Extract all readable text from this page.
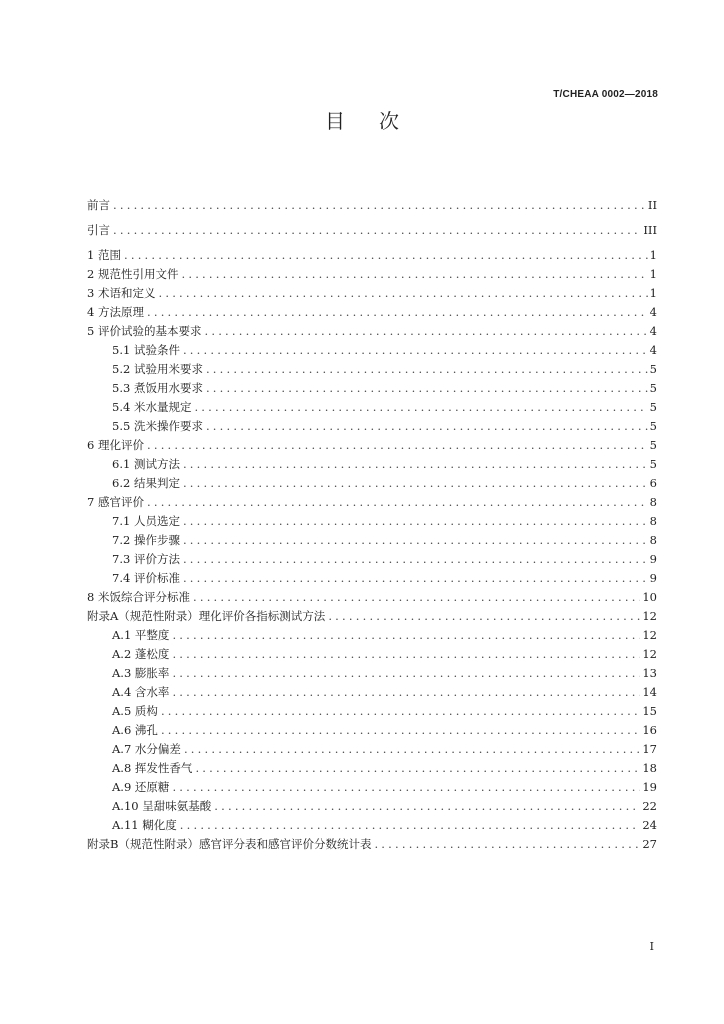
T/CHEAA 0002—2018
目次
前言 .....	II
引言 .....	III
1 范围 .....	1
2 规范性引用文件 .....	1
3 术语和定义 .....	1
4 方法原理 .....	4
5 评价试验的基本要求 .....	4
5.1 试验条件 .....	4
5.2 试验用米要求 .....	5
5.3 煮饭用水要求 .....	5
5.4 米水量规定 .....	5
5.5 洗米操作要求 .....	5
6 理化评价 .....	5
6.1 测试方法 .....	5
6.2 结果判定 .....	6
7 感官评价 .....	8
7.1 人员选定 .....	8
7.2 操作步骤 .....	8
7.3 评价方法 .....	9
7.4 评价标准 .....	9
8 米饭综合评分标准 .....	10
附录A（规范性附录）理化评价各指标测试方法 .....	12
A.1 平整度 .....	12
A.2 蓬松度 .....	12
A.3 膨胀率 .....	13
A.4 含水率 .....	14
A.5 质构 .....	15
A.6 沸孔 .....	16
A.7 水分偏差 .....	17
A.8 挥发性香气 .....	18
A.9 还原糖 .....	19
A.10 呈甜味氨基酸 .....	22
A.11 糊化度 .....	24
附录B（规范性附录）感官评分表和感官评价分数统计表 .....	27
I
